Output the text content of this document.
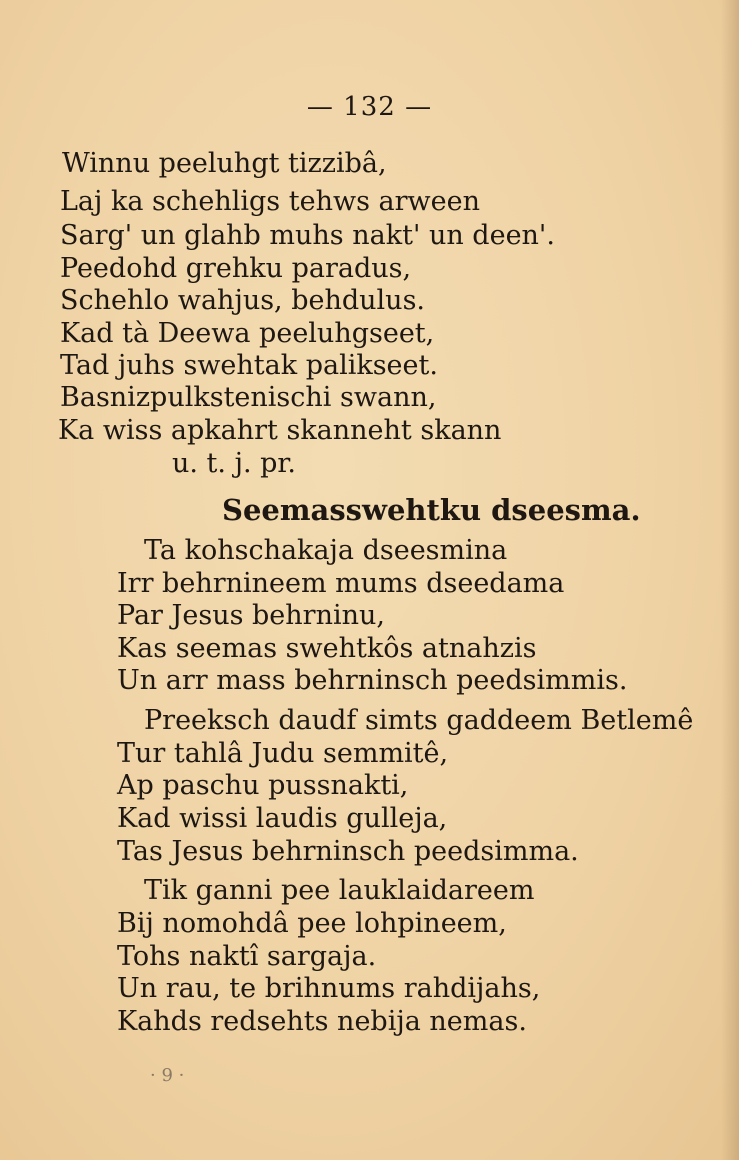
— 132 —
Winnu peeluhgt tizzibâ,
Laj ka schehligs tehws arween
Sarg' un glahb muhs nakt' un deen'.
Peedohd grehku paradus,
Schehlo wahjus, behdulus.
Kad tà Deewa peeluhgseet,
Tad juhs swehtak palikseet.
Basnizpulkstenischi swann,
Ka wiss apkahrt skanneht skann
u. t. j. pr.
Seemasswehtku dseesma.
Ta kohschakaja dseesmina
Irr behrnineem mums dseedama
Par Jesus behrninu,
Kas seemas swehtkôs atnahzis
Un arr mass behrninsch peedsimmis.
Preeksch daudf simts gaddeem Betlemê
Tur tahlâ Judu semmitê,
Ap paschu pussnakti,
Kad wissi laudis gulleja,
Tas Jesus behrninsch peedsimma.
Tik ganni pee lauklaidareem
Bij nomohdâ pee lohpineem,
Tohs naktî sargaja.
Un rau, te brihnums rahdijahs,
Kahds redsehts nebija nemas.
· 9 ·
